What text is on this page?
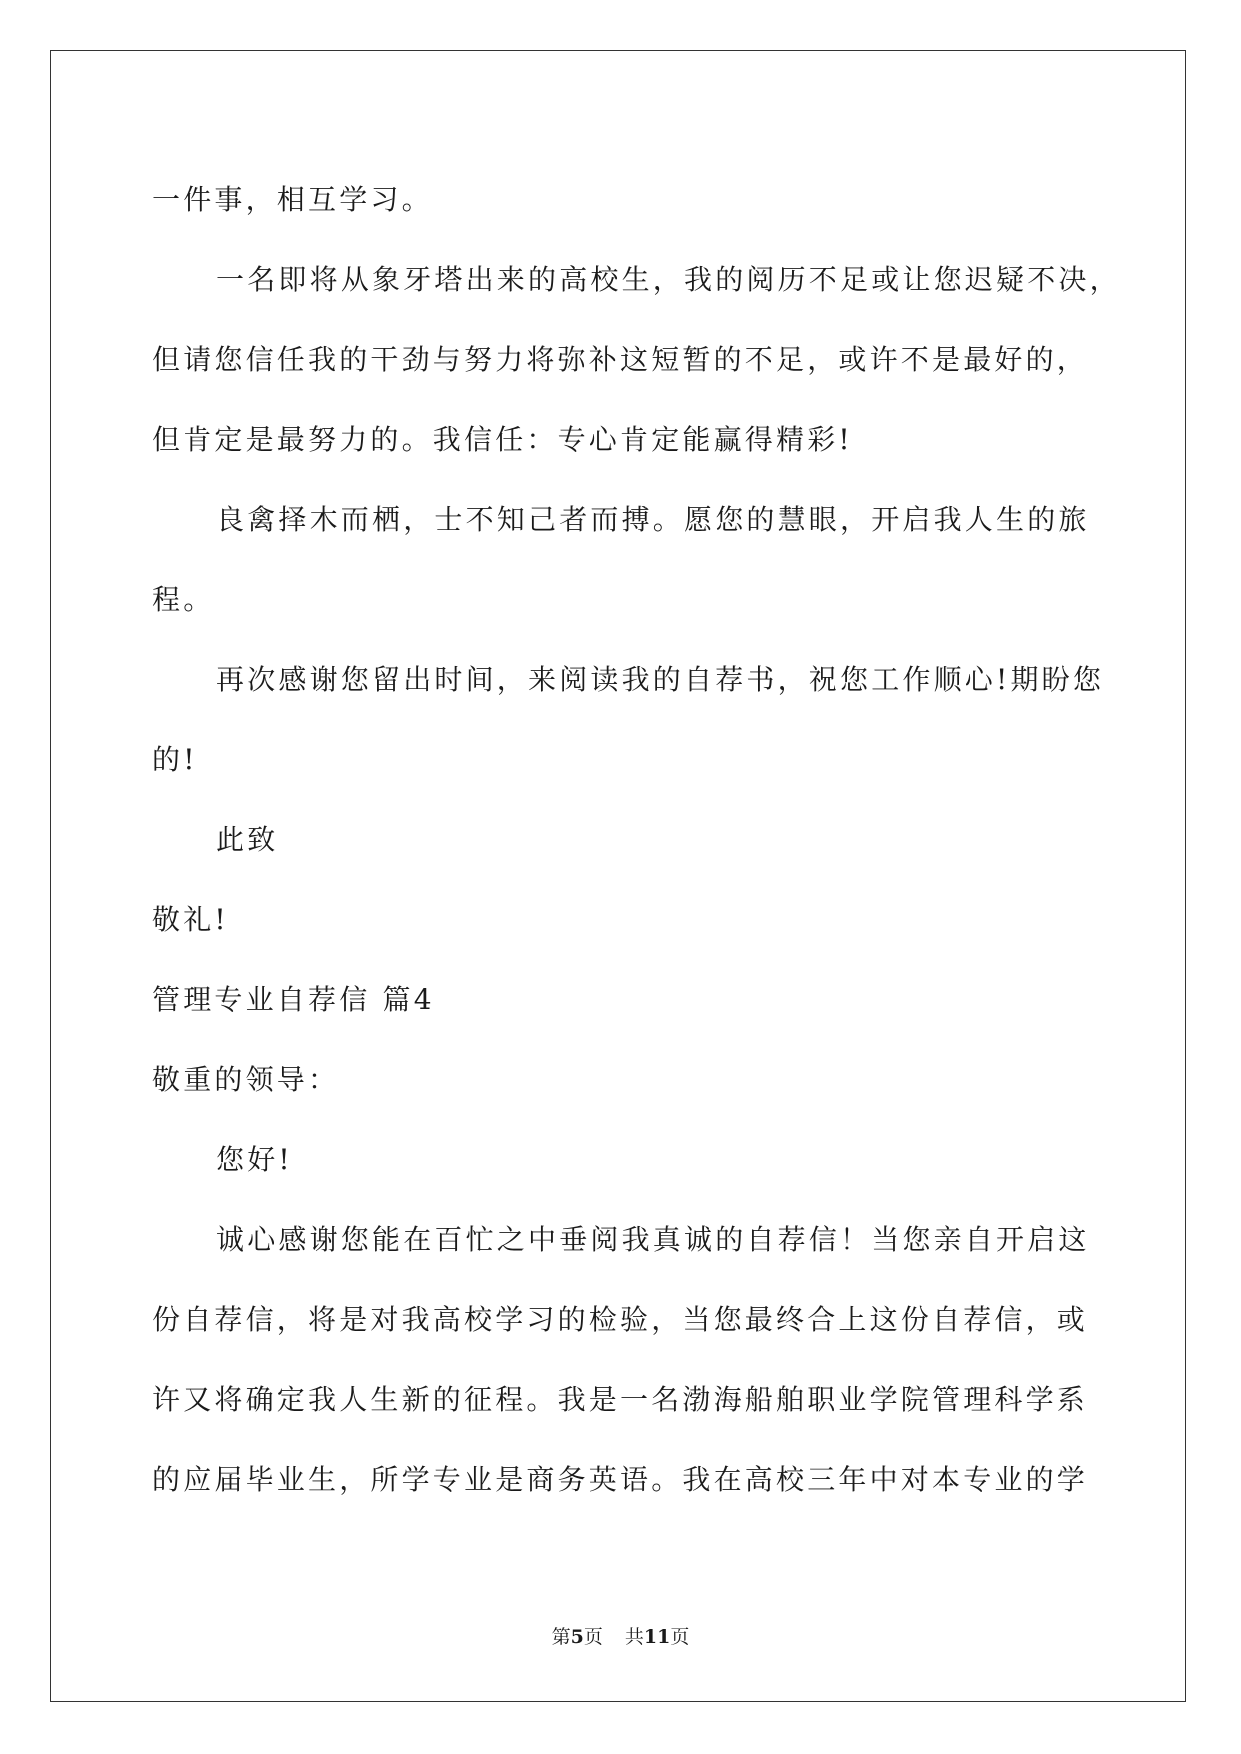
一件事，相互学习。
一名即将从象牙塔出来的高校生，我的阅历不足或让您迟疑不决，
但请您信任我的干劲与努力将弥补这短暂的不足，或许不是最好的，
但肯定是最努力的。我信任：专心肯定能赢得精彩!
良禽择木而栖，士不知己者而搏。愿您的慧眼，开启我人生的旅
程。
再次感谢您留出时间，来阅读我的自荐书，祝您工作顺心!期盼您
的!
此致
敬礼!
管理专业自荐信 篇4
敬重的领导：
您好!
诚心感谢您能在百忙之中垂阅我真诚的自荐信！当您亲自开启这
份自荐信，将是对我高校学习的检验，当您最终合上这份自荐信，或
许又将确定我人生新的征程。我是一名渤海船舶职业学院管理科学系
的应届毕业生，所学专业是商务英语。我在高校三年中对本专业的学
第5页 共11页
